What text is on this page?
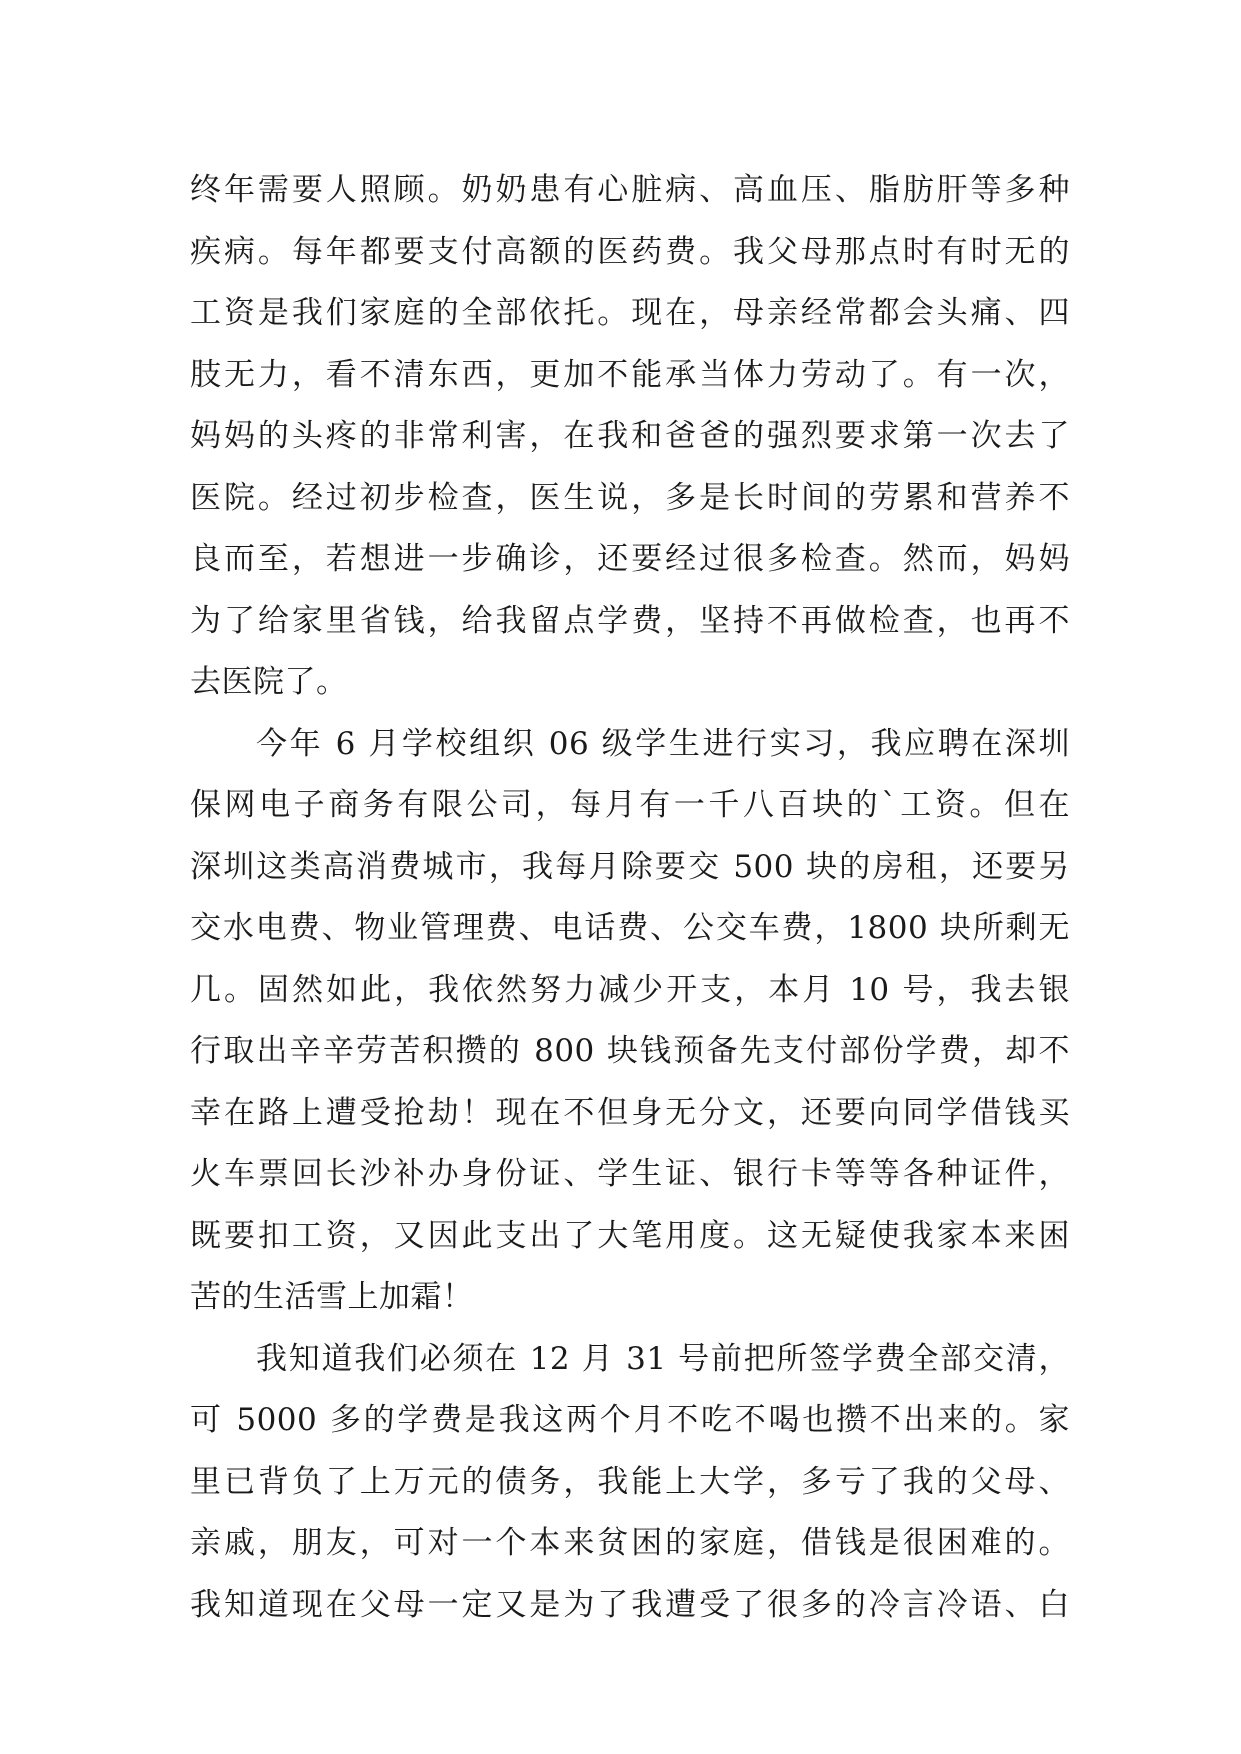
终年需要人照顾。奶奶患有心脏病、高血压、脂肪肝等多种
疾病。每年都要支付高额的医药费。我父母那点时有时无的
工资是我们家庭的全部依托。现在，母亲经常都会头痛、四
肢无力，看不清东西，更加不能承当体力劳动了。有一次，
妈妈的头疼的非常利害，在我和爸爸的强烈要求第一次去了
医院。经过初步检查，医生说，多是长时间的劳累和营养不
良而至，若想进一步确诊，还要经过很多检查。然而，妈妈
为了给家里省钱，给我留点学费，坚持不再做检查，也再不
去医院了。
今年 6 月学校组织 06 级学生进行实习，我应聘在深圳
保网电子商务有限公司，每月有一千八百块的`工资。但在
深圳这类高消费城市，我每月除要交 500 块的房租，还要另
交水电费、物业管理费、电话费、公交车费，1800 块所剩无
几。固然如此，我依然努力减少开支，本月 10 号，我去银
行取出辛辛劳苦积攒的 800 块钱预备先支付部份学费，却不
幸在路上遭受抢劫！现在不但身无分文，还要向同学借钱买
火车票回长沙补办身份证、学生证、银行卡等等各种证件，
既要扣工资，又因此支出了大笔用度。这无疑使我家本来困
苦的生活雪上加霜！
我知道我们必须在 12 月 31 号前把所签学费全部交清，
可 5000 多的学费是我这两个月不吃不喝也攒不出来的。家
里已背负了上万元的债务，我能上大学，多亏了我的父母、
亲戚，朋友，可对一个本来贫困的家庭，借钱是很困难的。
我知道现在父母一定又是为了我遭受了很多的冷言冷语、白
